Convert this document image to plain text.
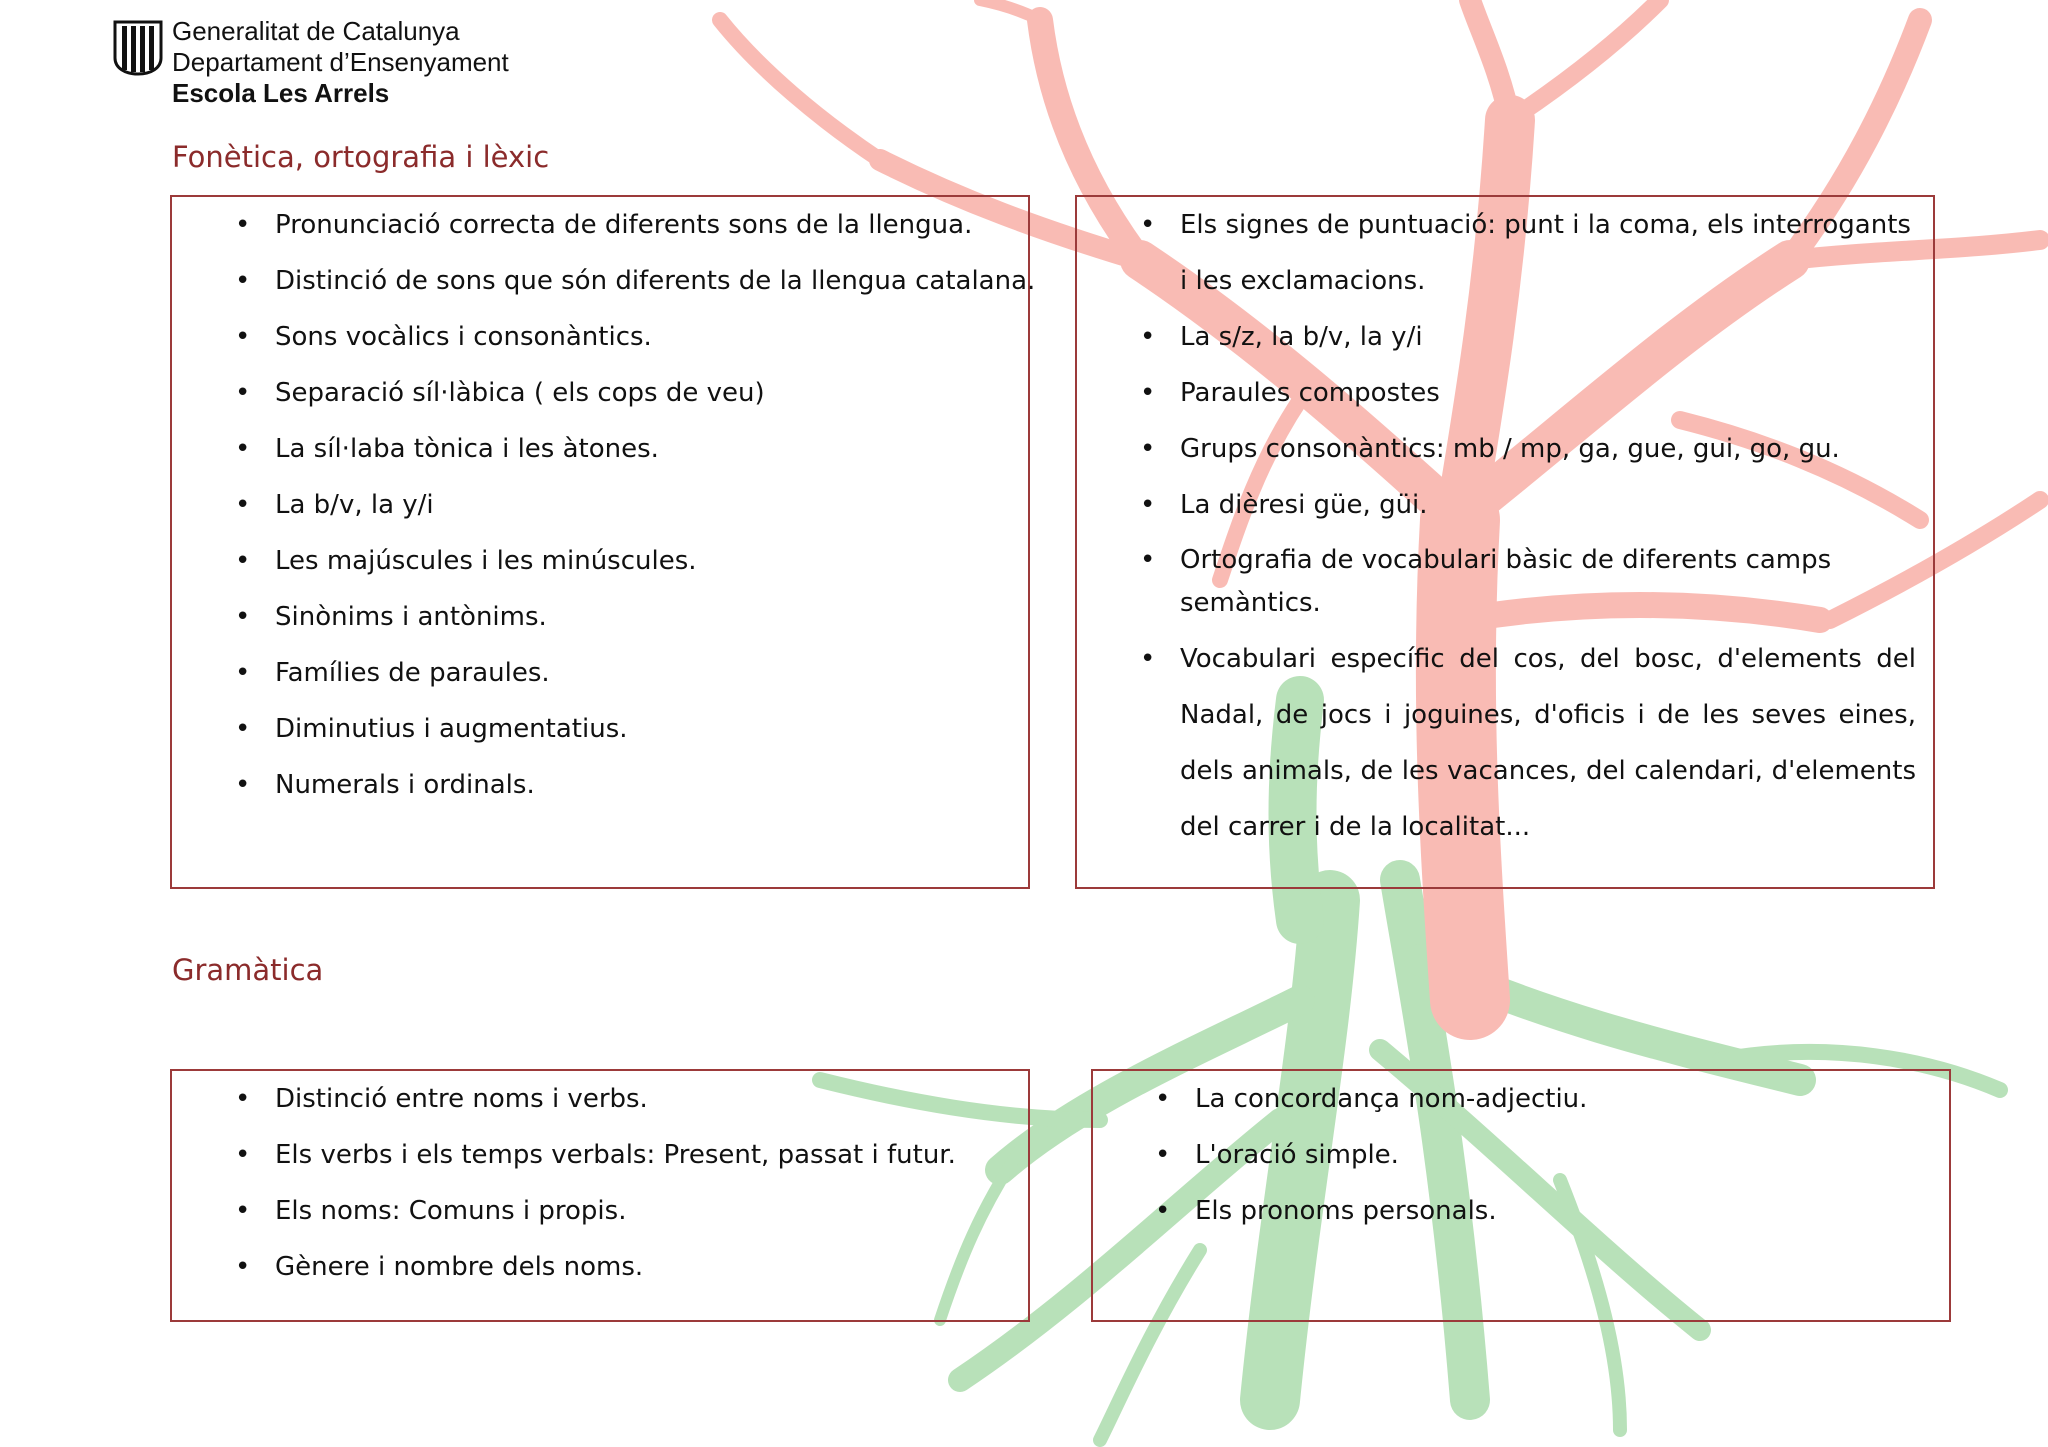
Generalitat de Catalunya
Departament d’Ensenyament
Escola Les Arrels
Fonètica, ortografia i lèxic
• Pronunciació correcta de diferents sons de la llengua.
• Distinció de sons que són diferents de la llengua catalana.
• Sons vocàlics i consonàntics.
• Separació síl·làbica ( els cops de veu)
• La síl·laba tònica i les àtones.
• La b/v, la y/i
• Les majúscules i les minúscules.
• Sinònims i antònims.
• Famílies de paraules.
• Diminutius i augmentatius.
• Numerals i ordinals.
• Els signes de puntuació: punt i la coma, els interrogants i les exclamacions.
• La s/z, la b/v, la y/i
• Paraules compostes
• Grups consonàntics: mb / mp, ga, gue, gui, go, gu.
• La dièresi güe, güi.
• Ortografia de vocabulari bàsic de diferents camps semàntics.
• Vocabulari específic del cos, del bosc, d'elements del Nadal, de jocs i joguines, d'oficis i de les seves eines, dels animals, de les vacances, del calendari, d'elements del carrer i de la localitat...
Gramàtica
• Distinció entre noms i verbs.
• Els verbs i els temps verbals: Present, passat i futur.
• Els noms: Comuns i propis.
• Gènere i nombre dels noms.
• La concordança nom-adjectiu.
• L'oració simple.
• Els pronoms personals.
